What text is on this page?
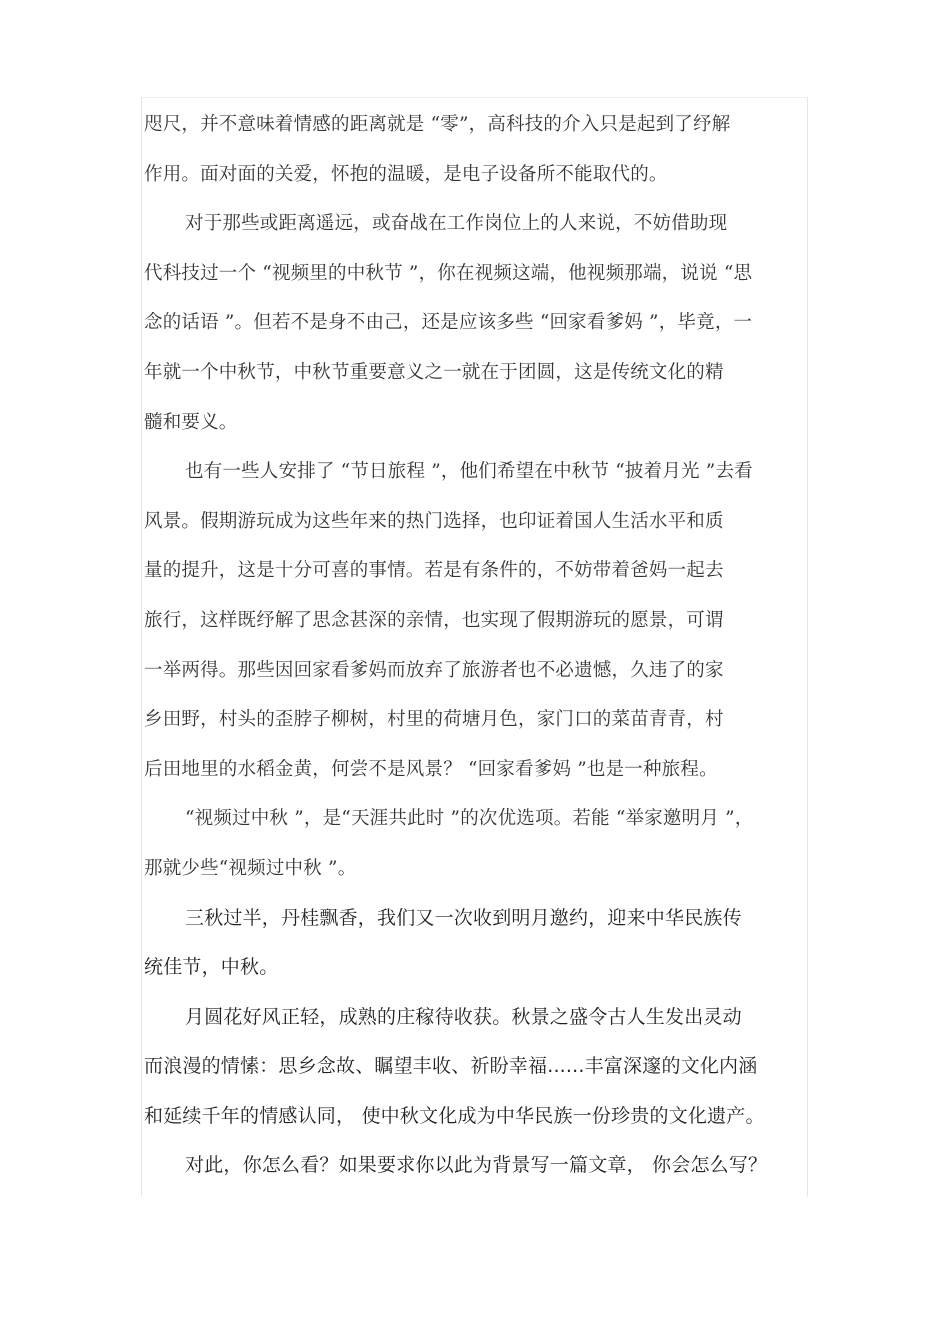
咫尺，并不意味着情感的距离就是 “零”，高科技的介入只是起到了纾解
作用。面对面的关爱，怀抱的温暖，是电子设备所不能取代的。
对于那些或距离遥远，或奋战在工作岗位上的人来说，不妨借助现
代科技过一个 “视频里的中秋节 ”，你在视频这端，他视频那端，说说 “思
念的话语 ”。但若不是身不由己，还是应该多些 “回家看爹妈 ”，毕竟，一
年就一个中秋节，中秋节重要意义之一就在于团圆，这是传统文化的精
髓和要义。
也有一些人安排了 “节日旅程 ”，他们希望在中秋节 “披着月光 ”去看
风景。假期游玩成为这些年来的热门选择，也印证着国人生活水平和质
量的提升，这是十分可喜的事情。若是有条件的，不妨带着爸妈一起去
旅行，这样既纾解了思念甚深的亲情，也实现了假期游玩的愿景，可谓
一举两得。那些因回家看爹妈而放弃了旅游者也不必遗憾，久违了的家
乡田野，村头的歪脖子柳树，村里的荷塘月色，家门口的菜苗青青，村
后田地里的水稻金黄，何尝不是风景？ “回家看爹妈 ”也是一种旅程。
“视频过中秋 ”，是“天涯共此时 ”的次优选项。若能 “举家邀明月 ”，
那就少些“视频过中秋 ”。
三秋过半，丹桂飘香，我们又一次收到明月邀约，迎来中华民族传
统佳节，中秋。
月圆花好风正轻，成熟的庄稼待收获。秋景之盛令古人生发出灵动
而浪漫的情愫：思乡念故、瞩望丰收、祈盼幸福......丰富深邃的文化内涵
和延续千年的情感认同， 使中秋文化成为中华民族一份珍贵的文化遗产。
对此，你怎么看？如果要求你以此为背景写一篇文章， 你会怎么写？
